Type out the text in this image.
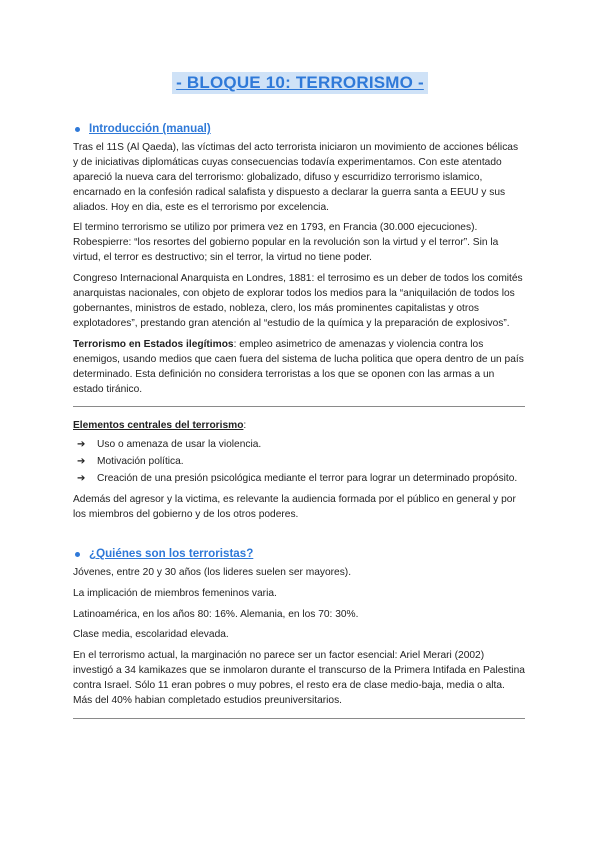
- BLOQUE 10: TERRORISMO -
Introducción (manual)

Tras el 11S (Al Qaeda), las víctimas del acto terrorista iniciaron un movimiento de acciones bélicas y de iniciativas diplomáticas cuyas consecuencias todavía experimentamos. Con este atentado apareció la nueva cara del terrorismo: globalizado, difuso y escurridizo terrorismo islamico, encarnado en la confesión radical salafista y dispuesto a declarar la guerra santa a EEUU y sus aliados. Hoy en dia, este es el terrorismo por excelencia.

El termino terrorismo se utilizo por primera vez en 1793, en Francia (30.000 ejecuciones). Robespierre: “los resortes del gobierno popular en la revolución son la virtud y el terror”. Sin la virtud, el terror es destructivo; sin el terror, la virtud no tiene poder.

Congreso Internacional Anarquista en Londres, 1881: el terrosimo es un deber de todos los comités anarquistas nacionales, con objeto de explorar todos los medios para la “aniquilación de todos los gobernantes, ministros de estado, nobleza, clero, los más prominentes capitalistas y otros explotadores”, prestando gran atención al “estudio de la química y la preparación de explosivos”.

Terrorismo en Estados ilegítimos: empleo asimetrico de amenazas y violencia contra los enemigos, usando medios que caen fuera del sistema de lucha politica que opera dentro de un país determinado. Esta definición no considera terroristas a los que se oponen con las armas a un estado tiránico.

Elementos centrales del terrorismo:

➔	Uso o amenaza de usar la violencia.
➔	Motivación política.
➔	Creación de una presión psicológica mediante el terror para lograr un determinado propósito.

Además del agresor y la victima, es relevante la audiencia formada por el público en general y por los miembros del gobierno y de los otros poderes.

¿Quiénes son los terroristas?

Jóvenes, entre 20 y 30 años (los lideres suelen ser mayores).

La implicación de miembros femeninos varia.

Latinoamérica, en los años 80: 16%. Alemania, en los 70: 30%.

Clase media, escolaridad elevada.

En el terrorismo actual, la marginación no parece ser un factor esencial: Ariel Merari (2002) investigó a 34 kamikazes que se inmolaron durante el transcurso de la Primera Intifada en Palestina contra Israel. Sólo 11 eran pobres o muy pobres, el resto era de clase medio-baja, media o alta. Más del 40% habian completado estudios preuniversitarios.
